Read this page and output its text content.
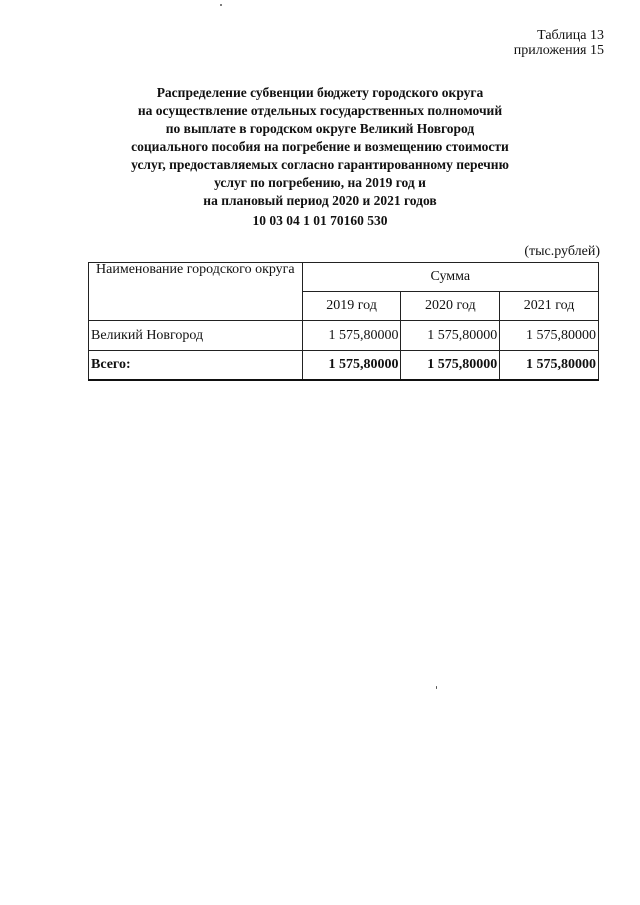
Таблица 13
приложения 15
Распределение субвенции бюджету городского округа
на осуществление отдельных государственных полномочий
по выплате в городском округе Великий Новгород
социального пособия на погребение и возмещению стоимости
услуг, предоставляемых согласно гарантированному перечню
услуг по погребению, на 2019 год и
на плановый период 2020 и 2021 годов
10 03 04 1 01 70160 530
(тыс.рублей)
Наименование городского округа	Сумма		
	2019 год	2020 год	2021 год
Великий Новгород	1 575,80000	1 575,80000	1 575,80000
Всего:	1 575,80000	1 575,80000	1 575,80000
